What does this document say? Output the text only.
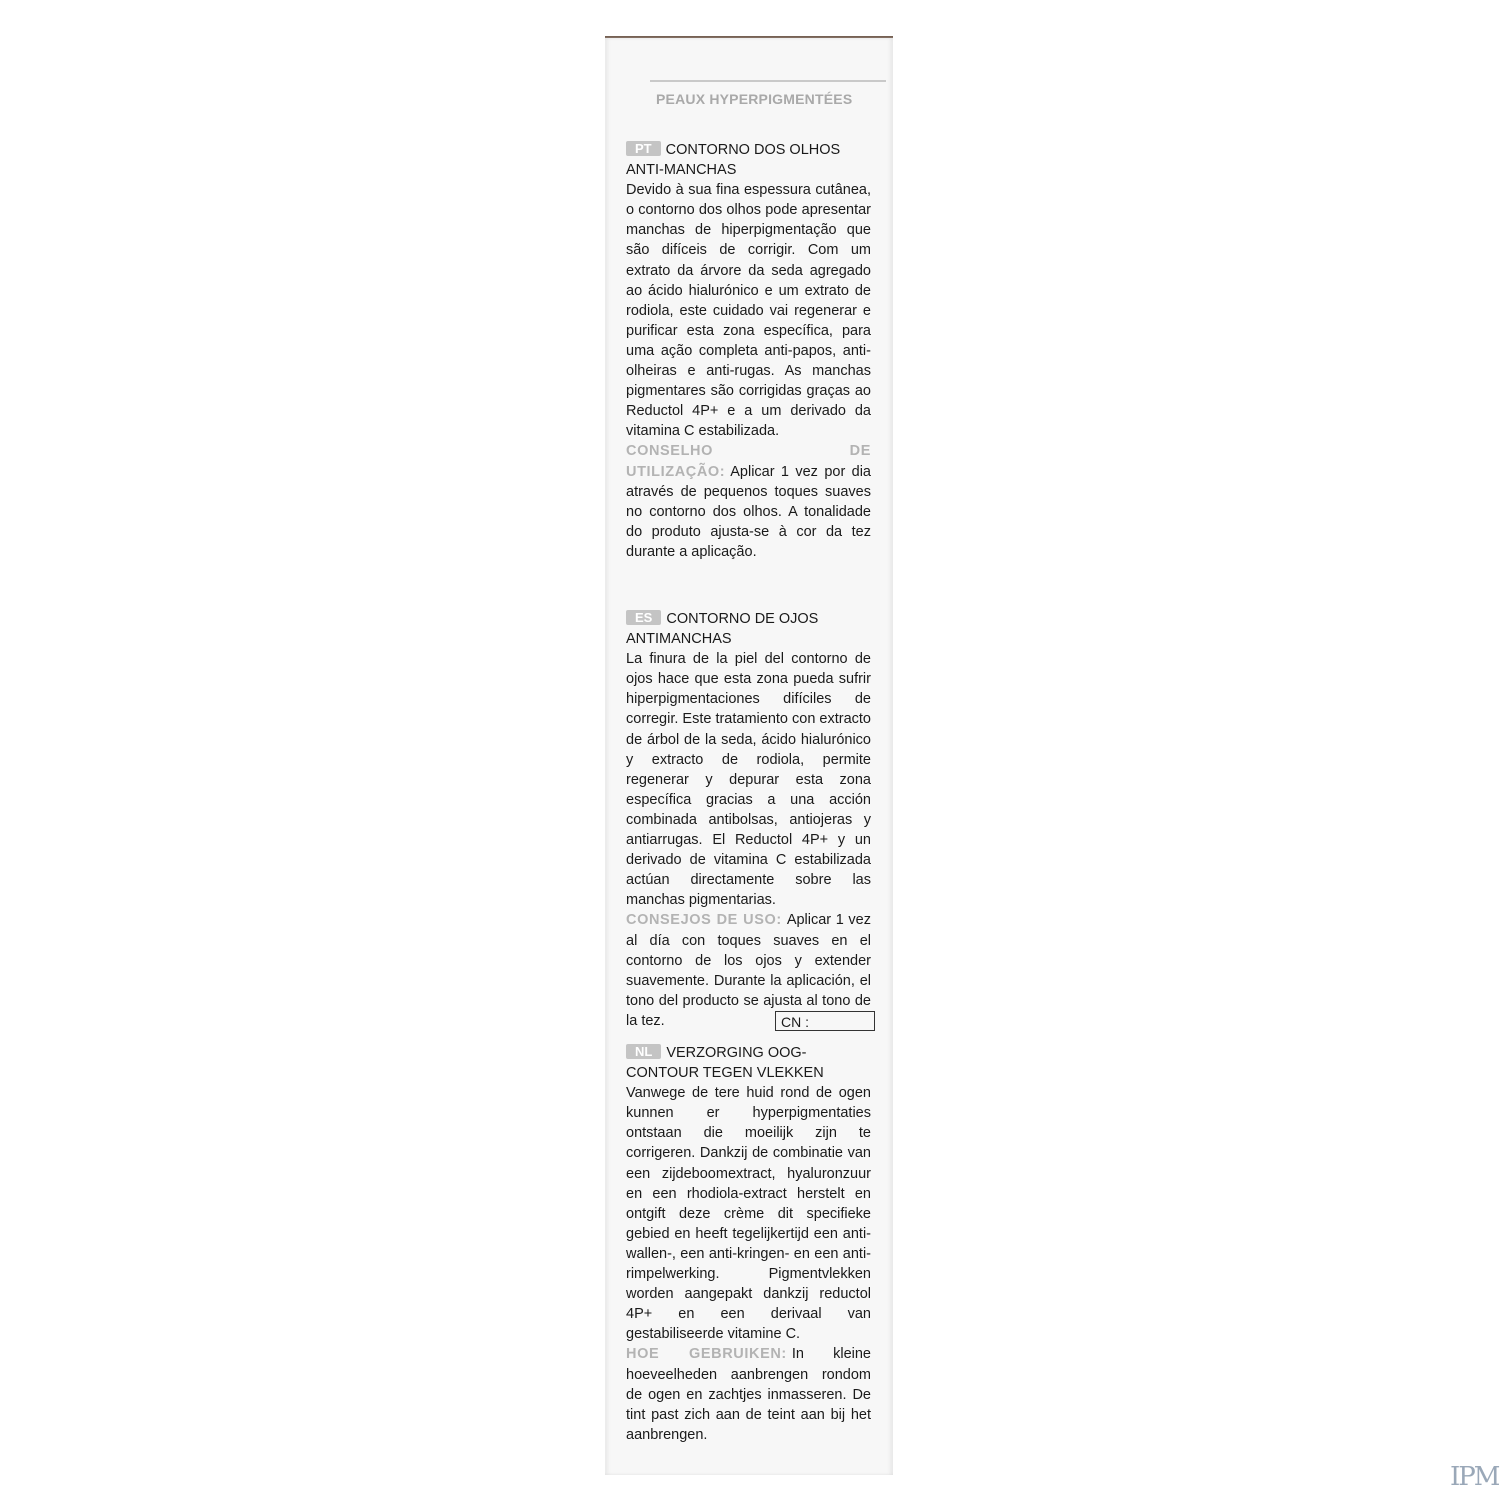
PEAUX HYPERPIGMENTÉES
PT CONTORNO DOS OLHOS ANTI-MANCHAS
Devido à sua fina espessura cutânea, o contorno dos olhos pode apresentar manchas de hiperpigmentação que são difíceis de corrigir. Com um extrato da árvore da seda agregado ao ácido hialurónico e um extrato de rodiola, este cuidado vai regenerar e purificar esta zona específica, para uma ação completa anti-papos, anti-olheiras e anti-rugas. As manchas pigmentares são corrigidas graças ao Reductol 4P+ e a um derivado da vitamina C estabilizada.
CONSELHO DE UTILIZAÇÃO: Aplicar 1 vez por dia através de pequenos toques suaves no contorno dos olhos. A tonalidade do produto ajusta-se à cor da tez durante a aplicação.
ES CONTORNO DE OJOS ANTIMANCHAS
La finura de la piel del contorno de ojos hace que esta zona pueda sufrir hiperpigmentaciones difíciles de corregir. Este tratamiento con extracto de árbol de la seda, ácido hialurónico y extracto de rodiola, permite regenerar y depurar esta zona específica gracias a una acción combinada antibolsas, antiojeras y antiarrugas. El Reductol 4P+ y un derivado de vitamina C estabilizada actúan directamente sobre las manchas pigmentarias.
CONSEJOS DE USO: Aplicar 1 vez al día con toques suaves en el contorno de los ojos y extender suavemente. Durante la aplicación, el tono del producto se ajusta al tono de la tez.	CN :
NL VERZORGING OOG-CONTOUR TEGEN VLEKKEN
Vanwege de tere huid rond de ogen kunnen er hyperpigmentaties ontstaan die moeilijk zijn te corrigeren. Dankzij de combinatie van een zijdeboomextract, hyaluronzuur en een rhodiola-extract herstelt en ontgift deze crème dit specifieke gebied en heeft tegelijkertijd een anti-wallen-, een anti-kringen- en een anti-rimpelwerking. Pigmentvlekken worden aangepakt dankzij reductol 4P+ en een derivaal van gestabiliseerde vitamine C.
HOE GEBRUIKEN: In kleine hoeveelheden aanbrengen rondom de ogen en zachtjes inmasseren. De tint past zich aan de teint aan bij het aanbrengen.
IPM
